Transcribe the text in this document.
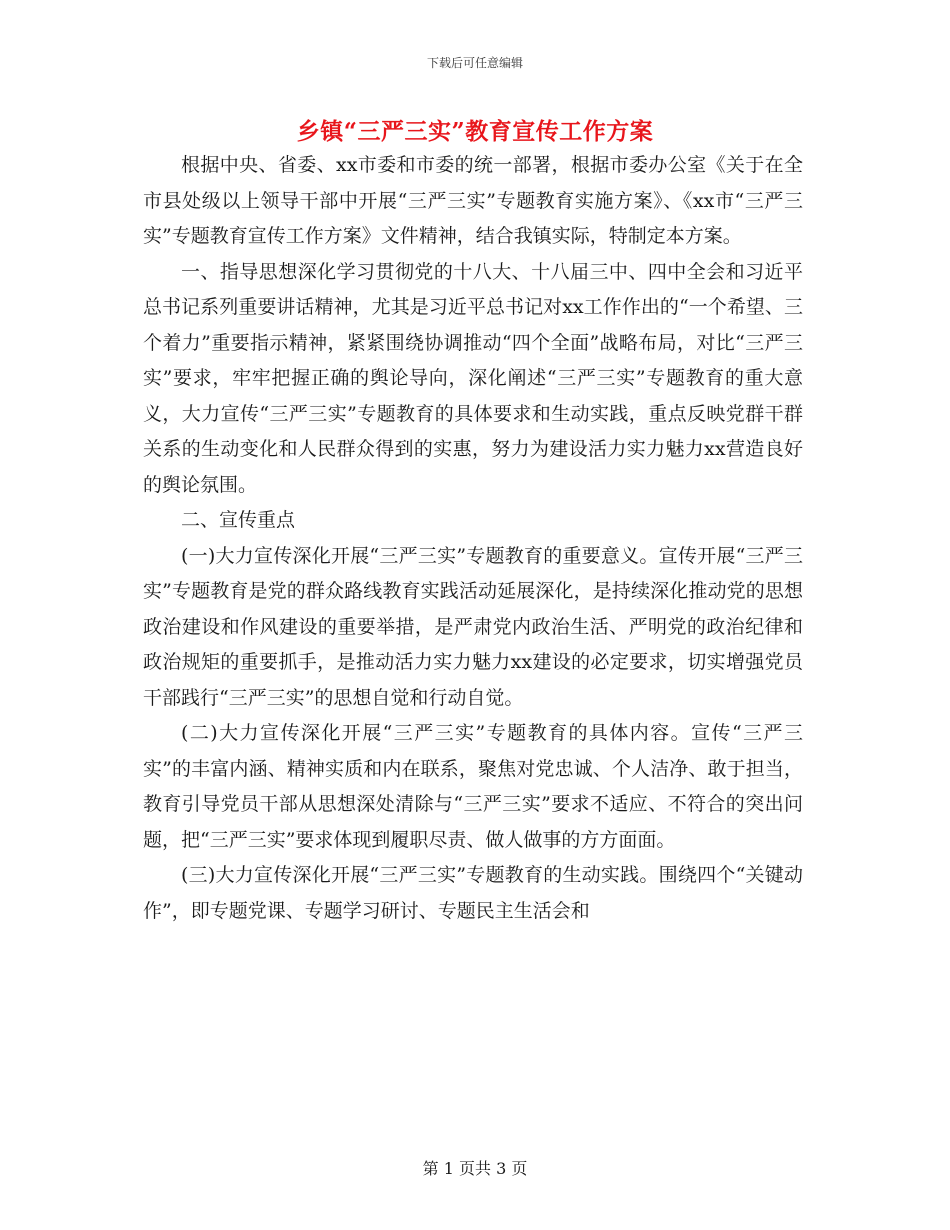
下载后可任意编辑
乡镇“三严三实”教育宣传工作方案

根据中央、省委、xx市委和市委的统一部署，根据市委办公室《关于在全市县处级以上领导干部中开展“三严三实”专题教育实施方案》、《xx市“三严三实”专题教育宣传工作方案》文件精神，结合我镇实际，特制定本方案。

一、指导思想深化学习贯彻党的十八大、十八届三中、四中全会和习近平总书记系列重要讲话精神，尤其是习近平总书记对xx工作作出的“一个希望、三个着力”重要指示精神，紧紧围绕协调推动“四个全面”战略布局，对比“三严三实”要求，牢牢把握正确的舆论导向，深化阐述“三严三实”专题教育的重大意义，大力宣传“三严三实”专题教育的具体要求和生动实践，重点反映党群干群关系的生动变化和人民群众得到的实惠，努力为建设活力实力魅力xx营造良好的舆论氛围。

二、宣传重点

(一)大力宣传深化开展“三严三实”专题教育的重要意义。宣传开展“三严三实”专题教育是党的群众路线教育实践活动延展深化，是持续深化推动党的思想政治建设和作风建设的重要举措，是严肃党内政治生活、严明党的政治纪律和政治规矩的重要抓手，是推动活力实力魅力xx建设的必定要求，切实增强党员干部践行“三严三实”的思想自觉和行动自觉。

(二)大力宣传深化开展“三严三实”专题教育的具体内容。宣传“三严三实”的丰富内涵、精神实质和内在联系，聚焦对党忠诚、个人洁净、敢于担当，教育引导党员干部从思想深处清除与“三严三实”要求不适应、不符合的突出问题，把“三严三实”要求体现到履职尽责、做人做事的方方面面。

(三)大力宣传深化开展“三严三实”专题教育的生动实践。围绕四个“关键动作”，即专题党课、专题学习研讨、专题民主生活会和

第 1 页共 3 页
